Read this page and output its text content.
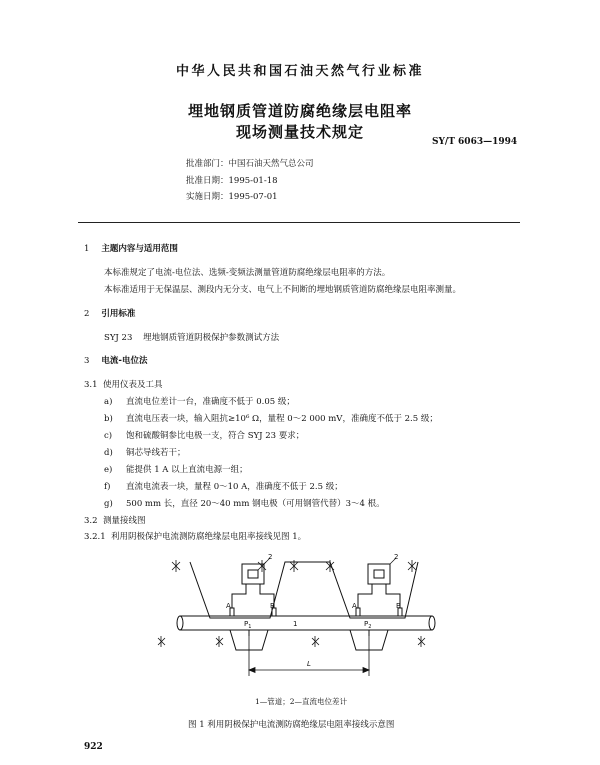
中华人民共和国石油天然气行业标准
埋地钢质管道防腐绝缘层电阻率
现场测量技术规定
SY/T 6063—1994
批准部门：中国石油天然气总公司
批准日期：1995-01-18
实施日期：1995-07-01
1 主题内容与适用范围
本标准规定了电流-电位法、选频-变频法测量管道防腐绝缘层电阻率的方法。
本标准适用于无保温层、测段内无分支、电气上不间断的埋地钢质管道防腐绝缘层电阻率测量。
2 引用标准
SYJ 23    埋地钢质管道阴极保护参数测试方法
3 电流-电位法
3.1 使用仪表及工具
a) 直流电位差计一台，准确度不低于 0.05 级；
b) 直流电压表一块，输入阻抗≥10⁶ Ω，量程 0～2 000 mV，准确度不低于 2.5 级；
c) 饱和硫酸铜参比电极一支，符合 SYJ 23 要求；
d) 铜芯导线若干；
e) 能提供 1 A 以上直流电源一组；
f) 直流电流表一块，量程 0～10 A，准确度不低于 2.5 级；
g) 500 mm 长，直径 20～40 mm 钢电极（可用钢管代替）3～4 根。
3.2 测量接线图
3.2.1 利用阴极保护电流测防腐绝缘层电阻率接线见图 1。
2	2
A	B	A	B
1
$P_1$	$P_2$
L
1—管道；2—直流电位差计
图 1 利用阴极保护电流测防腐绝缘层电阻率接线示意图
922
